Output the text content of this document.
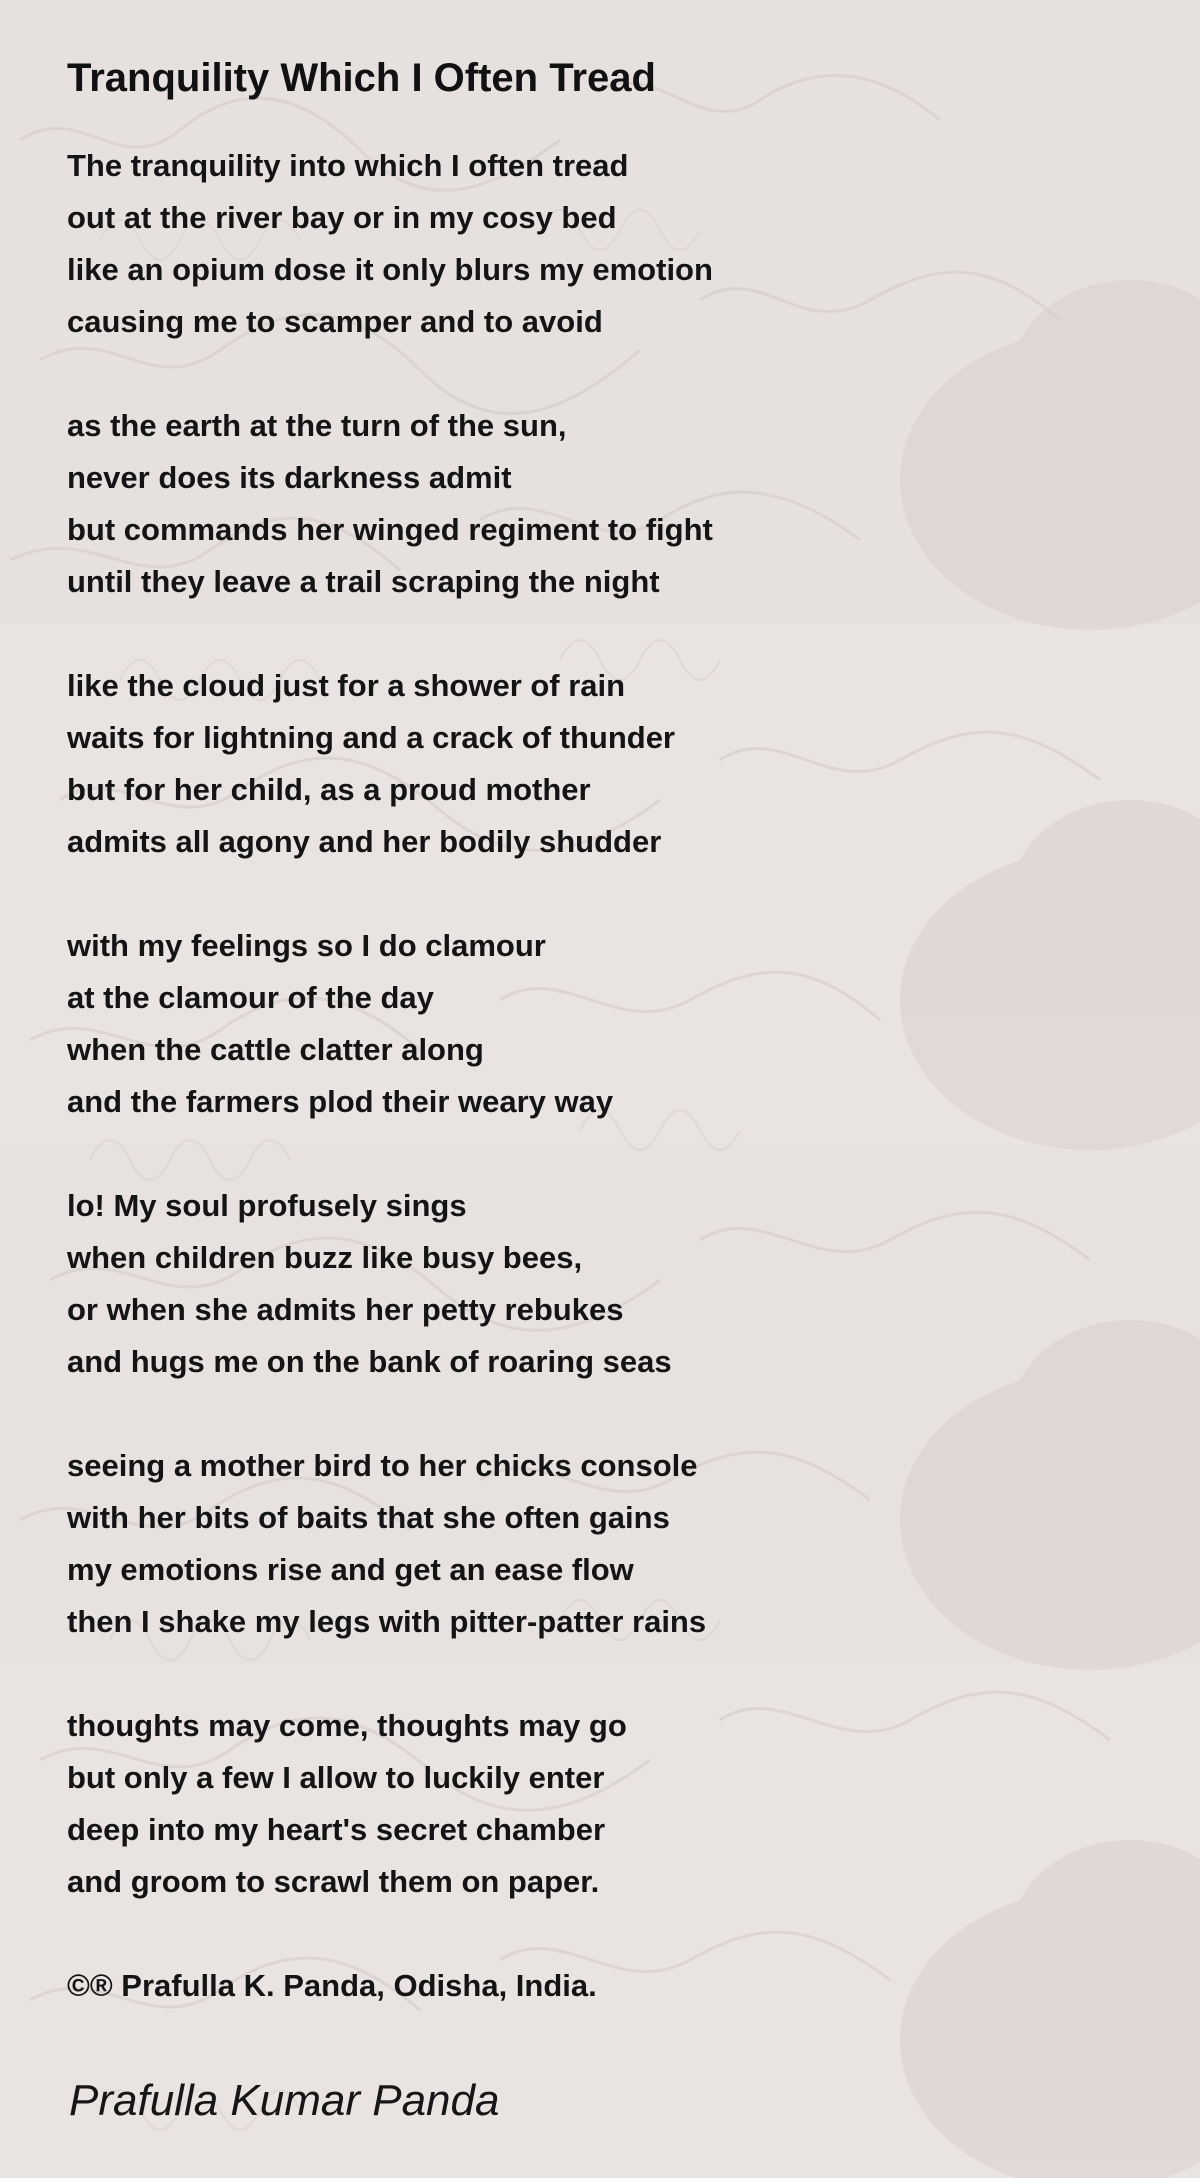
Tranquility Which I Often Tread
The tranquility into which I often tread
out at the river bay or in my cosy bed
like an opium dose it only blurs my emotion
causing me to scamper and to avoid
as the earth at the turn of the sun,
never does its darkness admit
but commands her winged regiment to fight
until they leave a trail scraping the night
like the cloud just for a shower of rain
waits for lightning and a crack of thunder
but for her child, as a proud mother
admits all agony and her bodily shudder
with my feelings so I do clamour
at the clamour of the day
when the cattle clatter along
and the farmers plod their weary way
lo! My soul profusely sings
when children buzz like busy bees,
or when she admits her petty rebukes
and hugs me on the bank of roaring seas
seeing a mother bird to her chicks console
with her bits of baits that she often gains
my emotions rise and get an ease flow
then I shake my legs with pitter-patter rains
thoughts may come, thoughts may go
but only a few I allow to luckily enter
deep into my heart's secret chamber
and groom to scrawl them on paper.

©® Prafulla K. Panda, Odisha, India.

Prafulla Kumar Panda
